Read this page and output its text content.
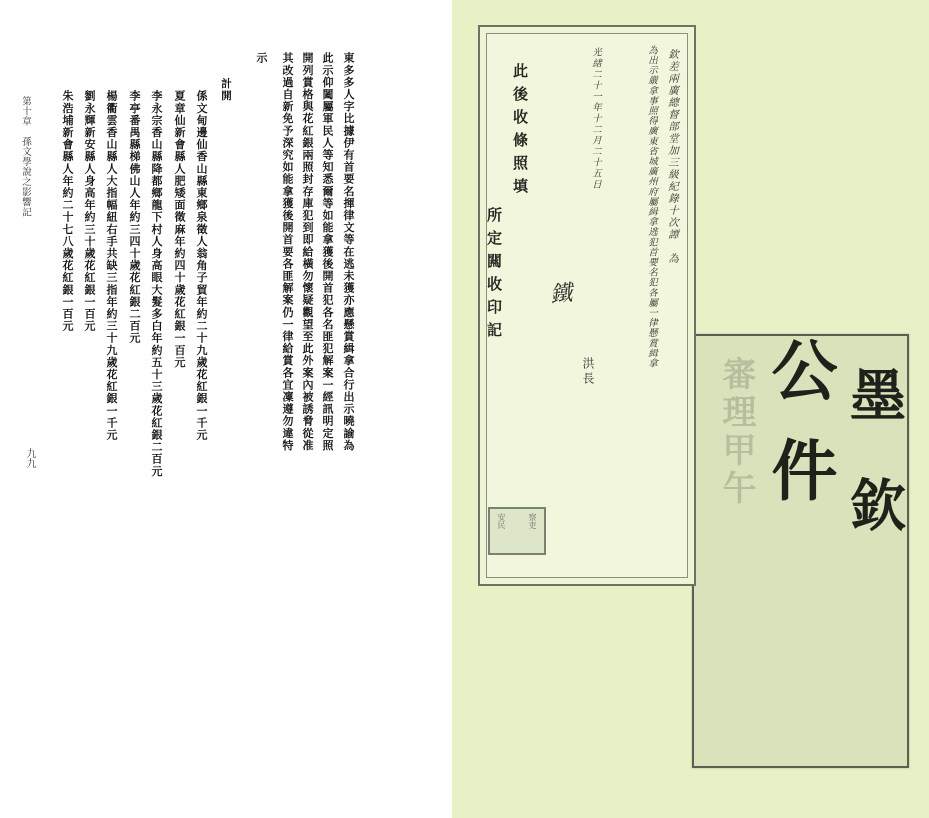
東多多人字比據伊有首要名揮律文等在逃未獲亦應懸賞緝拿合行出示曉諭為
此示仰闔屬軍民人等知悉爾等如能拿獲後開首犯各名匪犯解案一經訊明定照
開列賞格與花紅銀兩照封存庫犯到即給橫勿懷疑觀望至此外案內被誘脅從准
其改過自新免予深究如能拿獲後開首要各匪解案仍一律給賞各宜凜遵勿違特
示
計開
係文甸邊仙香山縣東鄉泉徵人翁角子貿年約二十九歲花紅銀一千元
夏章仙新會縣人肥矮面徵麻年約四十歲花紅銀一百元
李永宗香山縣降都鄉龍下村人身高眼大髮多白年約五十三歲花紅銀二百元
李亭番禺縣梯佛山人年約三四十歲花紅銀二百元
楊衢雲香山縣人大指幅紐右手共缺三指年約三十九歲花紅銀一千元
劉永輝新安縣人身高年約三十歲花紅銀一百元
朱浩埔新會縣人年約二十七八歲花紅銀一百元
第十章　孫文學說之影響記
九九	審理甲午 墨
欽
公
件
欽差兩廣總督部堂加三級紀錄十次譚　為
為出示嚴拿事照得廣東省城廣州府屬緝拿逃犯首要名犯各屬一律懸賞緝拿
光緒二十一年十二月二十五日
洪長
鐵
此後收條照填
所定闗收印記
察吏
安民
